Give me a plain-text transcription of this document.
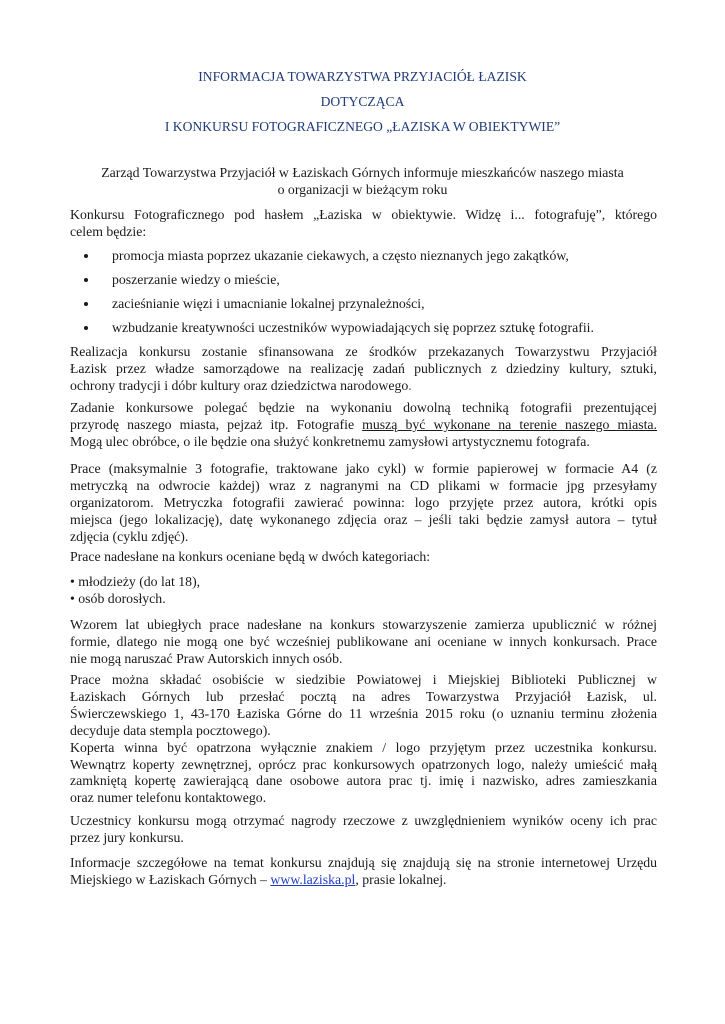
INFORMACJA TOWARZYSTWA PRZYJACIÓŁ ŁAZISK
DOTYCZĄCA
I KONKURSU FOTOGRAFICZNEGO „ŁAZISKA W OBIEKTYWIE”
Zarząd Towarzystwa Przyjaciół w Łaziskach Górnych informuje mieszkańców naszego miasta
o organizacji w bieżącym roku
Konkursu Fotograficznego pod hasłem „Łaziska w obiektywie. Widzę i... fotografuję”, którego
celem będzie:
promocja miasta poprzez ukazanie ciekawych, a często nieznanych jego zakątków,
poszerzanie wiedzy o mieście,
zacieśnianie więzi i umacnianie lokalnej przynależności,
wzbudzanie kreatywności uczestników wypowiadających się poprzez sztukę fotografii.
Realizacja konkursu zostanie sfinansowana ze środków przekazanych Towarzystwu Przyjaciół
Łazisk przez władze samorządowe na realizację zadań publicznych z dziedziny kultury, sztuki,
ochrony tradycji i dóbr kultury oraz dziedzictwa narodowego.
Zadanie konkursowe polegać będzie na wykonaniu dowolną techniką fotografii prezentującej
przyrodę naszego miasta, pejzaż itp. Fotografie muszą być wykonane na terenie naszego miasta.
Mogą ulec obróbce, o ile będzie ona służyć konkretnemu zamysłowi artystycznemu fotografa.
Prace (maksymalnie 3 fotografie, traktowane jako cykl) w formie papierowej w formacie A4 (z
metryczką na odwrocie każdej) wraz z nagranymi na CD plikami w formacie jpg przesyłamy
organizatorom. Metryczka fotografii zawierać powinna: logo przyjęte przez autora, krótki opis
miejsca (jego lokalizację), datę wykonanego zdjęcia oraz – jeśli taki będzie zamysł autora – tytuł
zdjęcia (cyklu zdjęć).
Prace nadesłane na konkurs oceniane będą w dwóch kategoriach:
• młodzieży (do lat 18),
• osób dorosłych.
Wzorem lat ubiegłych prace nadesłane na konkurs stowarzyszenie zamierza upublicznić w różnej
formie, dlatego nie mogą one być wcześniej publikowane ani oceniane w innych konkursach. Prace
nie mogą naruszać Praw Autorskich innych osób.
Prace można składać osobiście w siedzibie Powiatowej i Miejskiej Biblioteki Publicznej w
Łaziskach Górnych lub przesłać pocztą na adres Towarzystwa Przyjaciół Łazisk, ul.
Świerczewskiego 1, 43-170 Łaziska Górne do 11 września 2015 roku (o uznaniu terminu złożenia
decyduje data stempla pocztowego).
Koperta winna być opatrzona wyłącznie znakiem / logo przyjętym przez uczestnika konkursu.
Wewnątrz koperty zewnętrznej, oprócz prac konkursowych opatrzonych logo, należy umieścić małą
zamkniętą kopertę zawierającą dane osobowe autora prac tj. imię i nazwisko, adres zamieszkania
oraz numer telefonu kontaktowego.
Uczestnicy konkursu mogą otrzymać nagrody rzeczowe z uwzględnieniem wyników oceny ich prac
przez jury konkursu.
Informacje szczegółowe na temat konkursu znajdują się znajdują się na stronie internetowej Urzędu
Miejskiego w Łaziskach Górnych – www.laziska.pl, prasie lokalnej.
